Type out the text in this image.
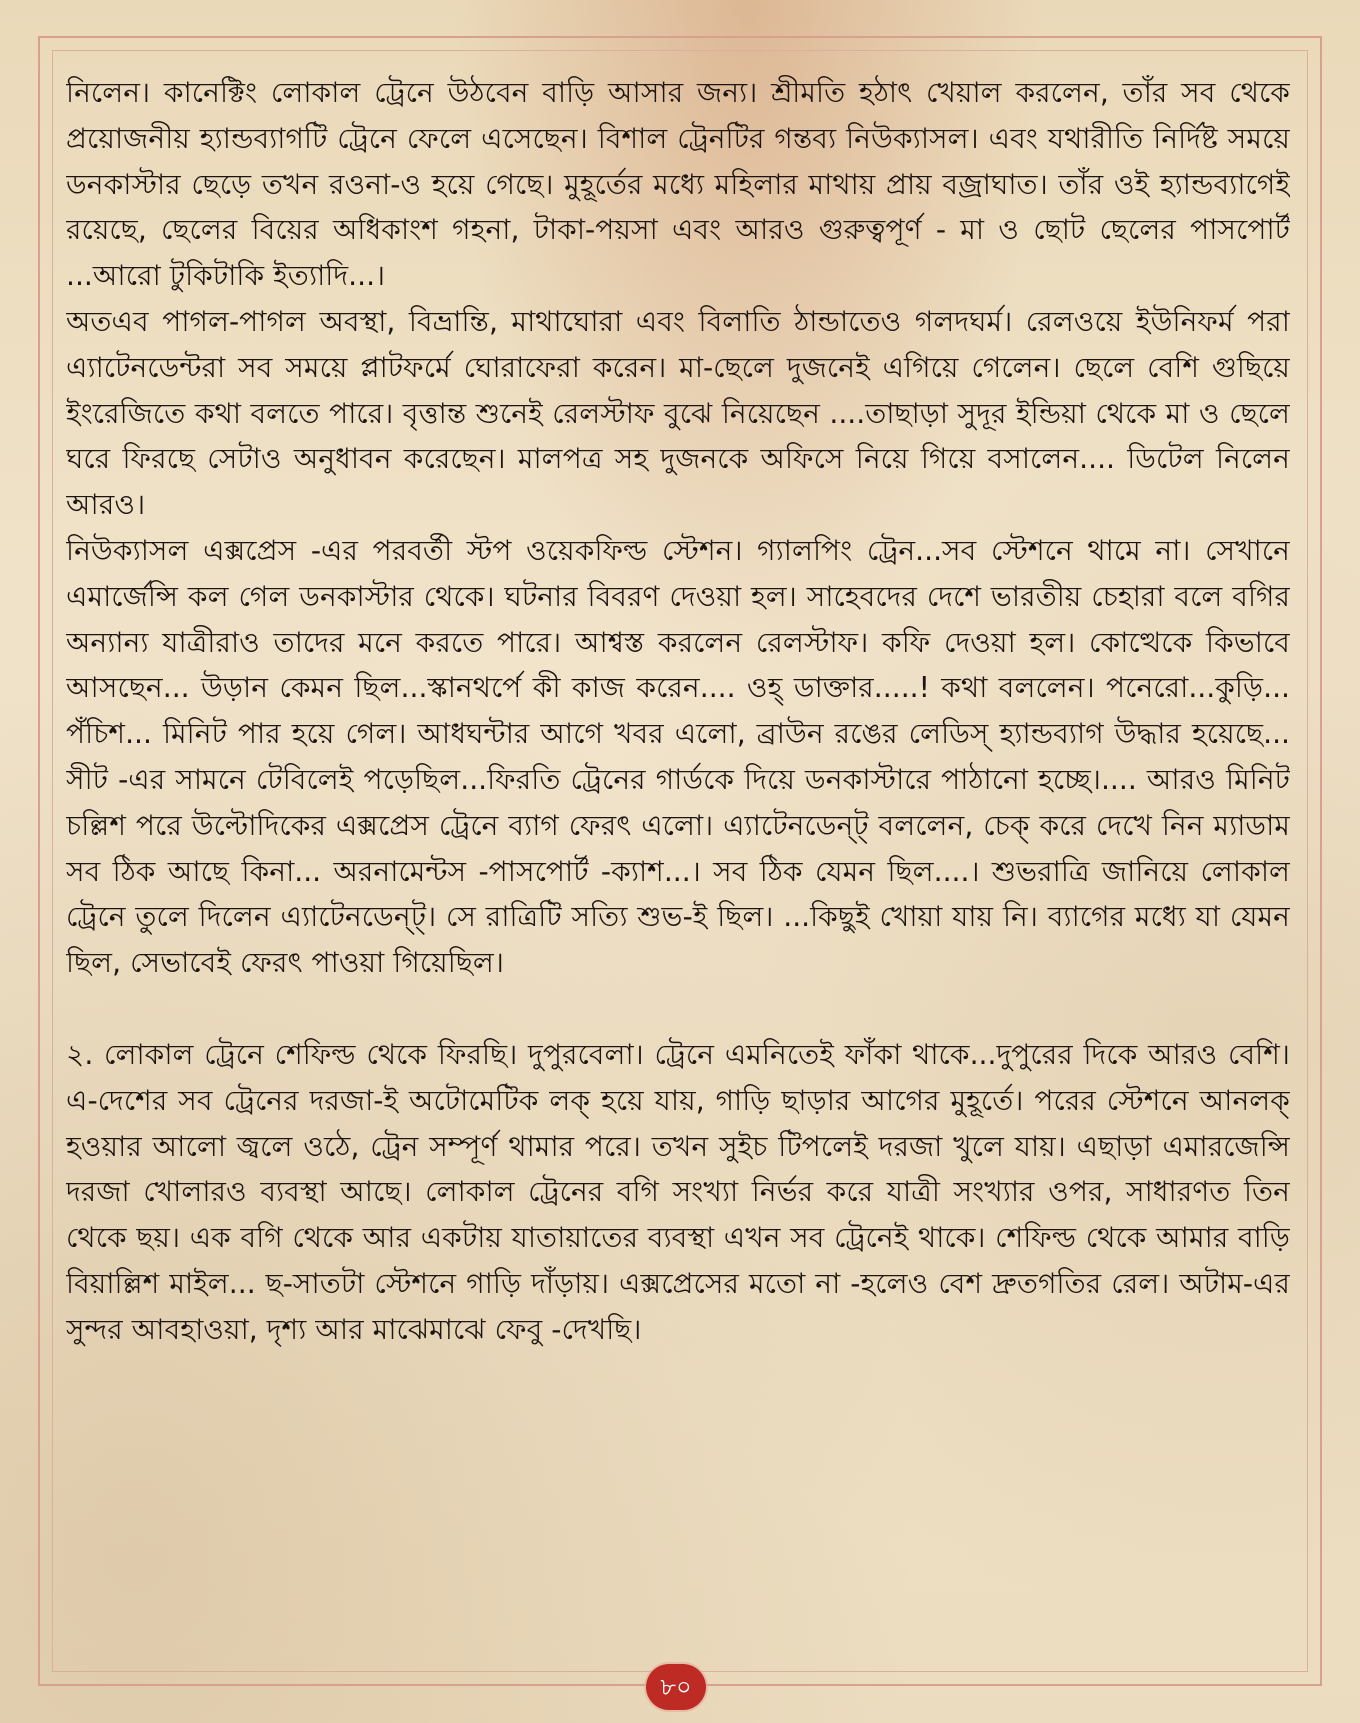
নিলেন। কানেক্টিং লোকাল ট্রেনে উঠবেন বাড়ি আসার জন্য। শ্রীমতি হঠাৎ খেয়াল করলেন, তাঁর সব থেকে প্রয়োজনীয় হ্যান্ডব্যাগটি ট্রেনে ফেলে এসেছেন। বিশাল ট্রেনটির গন্তব্য নিউক্যাসল। এবং যথারীতি নির্দিষ্ট সময়ে ডনকাস্টার ছেড়ে তখন রওনা-ও হয়ে গেছে। মুহূর্তের মধ্যে মহিলার মাথায় প্রায় বজ্রাঘাত। তাঁর ওই হ্যান্ডব্যাগেই রয়েছে, ছেলের বিয়ের অধিকাংশ গহনা, টাকা-পয়সা এবং আরও গুরুত্বপূর্ণ - মা ও ছোট ছেলের পাসপোর্ট ...আরো টুকিটাকি ইত্যাদি...।

অতএব পাগল-পাগল অবস্থা, বিভ্রান্তি, মাথাঘোরা এবং বিলাতি ঠান্ডাতেও গলদঘর্ম। রেলওয়ে ইউনিফর্ম পরা এ্যাটেনডেন্টরা সব সময়ে প্লাটফর্মে ঘোরাফেরা করেন। মা-ছেলে দুজনেই এগিয়ে গেলেন। ছেলে বেশি গুছিয়ে ইংরেজিতে কথা বলতে পারে। বৃত্তান্ত শুনেই রেলস্টাফ বুঝে নিয়েছেন ....তাছাড়া সুদূর ইন্ডিয়া থেকে মা ও ছেলে ঘরে ফিরছে সেটাও অনুধাবন করেছেন। মালপত্র সহ দুজনকে অফিসে নিয়ে গিয়ে বসালেন.... ডিটেল নিলেন আরও।

নিউক্যাসল এক্সপ্রেস -এর পরবর্তী স্টপ ওয়েকফিল্ড স্টেশন। গ্যালপিং ট্রেন...সব স্টেশনে থামে না। সেখানে এমার্জেন্সি কল গেল ডনকাস্টার থেকে। ঘটনার বিবরণ দেওয়া হল। সাহেবদের দেশে ভারতীয় চেহারা বলে বগির অন্যান্য যাত্রীরাও তাদের মনে করতে পারে। আশ্বস্ত করলেন রেলস্টাফ। কফি দেওয়া হল। কোত্থেকে কিভাবে আসছেন... উড়ান কেমন ছিল...স্কানথর্পে কী কাজ করেন.... ওহ্ ডাক্তার.....! কথা বললেন। পনেরো...কুড়ি... পঁচিশ... মিনিট পার হয়ে গেল। আধঘন্টার আগে খবর এলো, ব্রাউন রঙের লেডিস্ হ্যান্ডব্যাগ উদ্ধার হয়েছে... সীট -এর সামনে টেবিলেই পড়েছিল...ফিরতি ট্রেনের গার্ডকে দিয়ে ডনকাস্টারে পাঠানো হচ্ছে।.... আরও মিনিট চল্লিশ পরে উল্টোদিকের এক্সপ্রেস ট্রেনে ব্যাগ ফেরৎ এলো। এ্যাটেনডেন্ট্ বললেন, চেক্ করে দেখে নিন ম্যাডাম সব ঠিক আছে কিনা... অরনামেন্টস -পাসপোর্ট -ক্যাশ...। সব ঠিক যেমন ছিল....। শুভরাত্রি জানিয়ে লোকাল ট্রেনে তুলে দিলেন এ্যাটেনডেন্ট্। সে রাত্রিটি সত্যি শুভ-ই ছিল। ...কিছুই খোয়া যায় নি। ব্যাগের মধ্যে যা যেমন ছিল, সেভাবেই ফেরৎ পাওয়া গিয়েছিল।

২. লোকাল ট্রেনে শেফিল্ড থেকে ফিরছি। দুপুরবেলা। ট্রেনে এমনিতেই ফাঁকা থাকে...দুপুরের দিকে আরও বেশি। এ-দেশের সব ট্রেনের দরজা-ই অটোমেটিক লক্ হয়ে যায়, গাড়ি ছাড়ার আগের মুহূর্তে। পরের স্টেশনে আনলক্ হওয়ার আলো জ্বলে ওঠে, ট্রেন সম্পূর্ণ থামার পরে। তখন সুইচ টিপলেই দরজা খুলে যায়। এছাড়া এমারজেন্সি দরজা খোলারও ব্যবস্থা আছে। লোকাল ট্রেনের বগি সংখ্যা নির্ভর করে যাত্রী সংখ্যার ওপর, সাধারণত তিন থেকে ছয়। এক বগি থেকে আর একটায় যাতায়াতের ব্যবস্থা এখন সব ট্রেনেই থাকে। শেফিল্ড থেকে আমার বাড়ি বিয়াল্লিশ মাইল... ছ-সাতটা স্টেশনে গাড়ি দাঁড়ায়। এক্সপ্রেসের মতো না -হলেও বেশ দ্রুতগতির রেল। অটাম-এর সুন্দর আবহাওয়া, দৃশ্য আর মাঝেমাঝে ফেবু -দেখছি।

৮০
